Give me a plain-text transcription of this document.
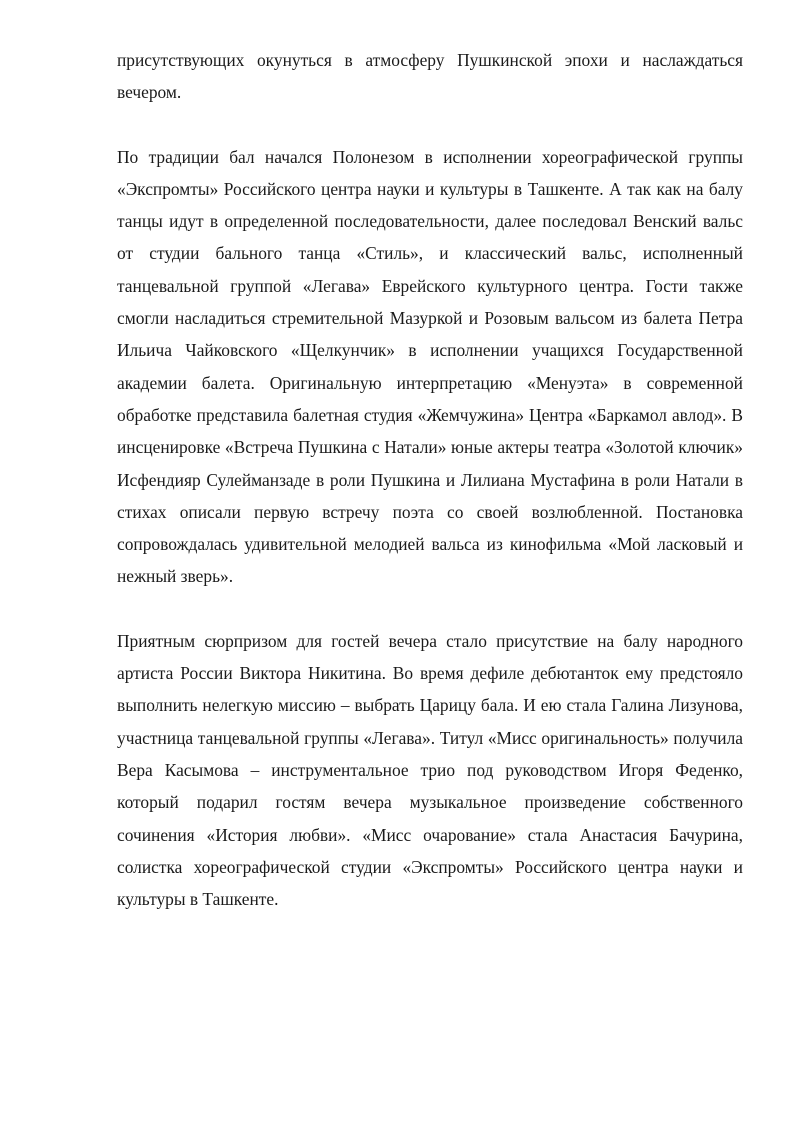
присутствующих окунуться в атмосферу Пушкинской эпохи и наслаждаться вечером.

По традиции бал начался Полонезом в исполнении хореографической группы «Экспромты» Российского центра науки и культуры в Ташкенте. А так как на балу танцы идут в определенной последовательности, далее последовал Венский вальс от студии бального танца «Стиль», и классический вальс, исполненный танцевальной группой «Легава» Еврейского культурного центра. Гости также смогли насладиться стремительной Мазуркой и Розовым вальсом из балета Петра Ильича Чайковского «Щелкунчик» в исполнении учащихся Государственной академии балета. Оригинальную интерпретацию «Менуэта» в современной обработке представила балетная студия «Жемчужина» Центра «Баркамол авлод». В инсценировке «Встреча Пушкина с Натали» юные актеры театра «Золотой ключик» Исфендияр Сулейманзаде в роли Пушкина и Лилиана Мустафина в роли Натали в стихах описали первую встречу поэта со своей возлюбленной. Постановка сопровождалась удивительной мелодией вальса из кинофильма «Мой ласковый и нежный зверь».

Приятным сюрпризом для гостей вечера стало присутствие на балу народного артиста России Виктора Никитина. Во время дефиле дебютанток ему предстояло выполнить нелегкую миссию – выбрать Царицу бала. И ею стала Галина Лизунова, участница танцевальной группы «Легава». Титул «Мисс оригинальность» получила Вера Касымова – инструментальное трио под руководством Игоря Феденко, который подарил гостям вечера музыкальное произведение собственного сочинения «История любви». «Мисс очарование» стала Анастасия Бачурина, солистка хореографической студии «Экспромты» Российского центра науки и культуры в Ташкенте.
